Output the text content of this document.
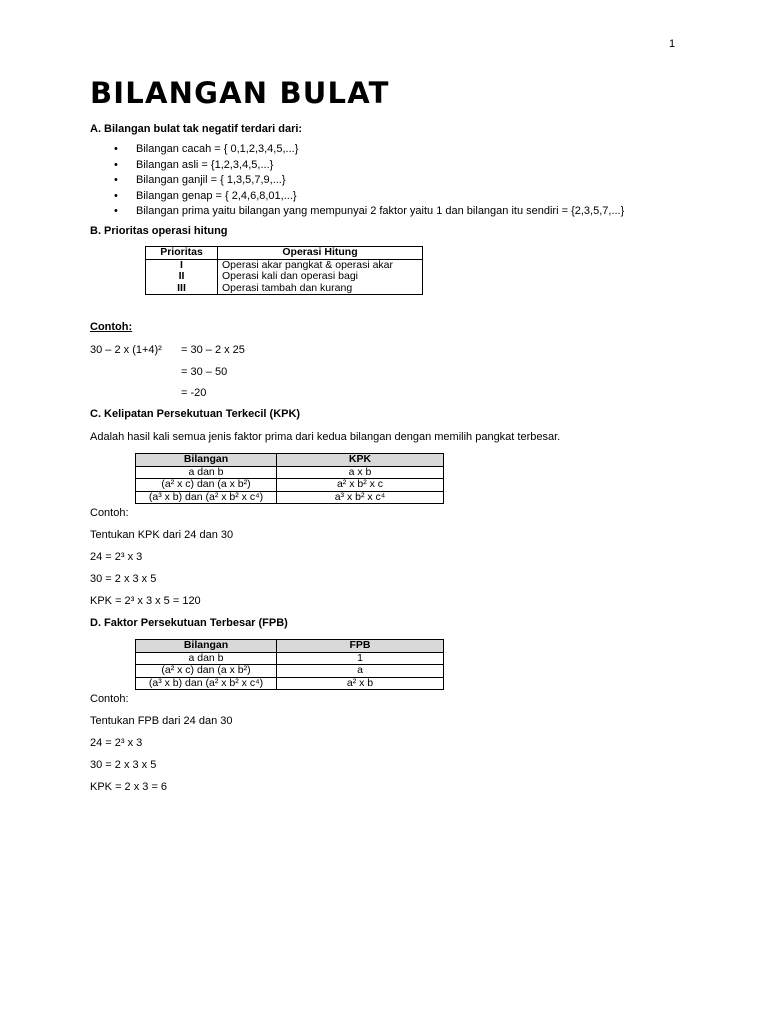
1
BILANGAN BULAT
A. Bilangan bulat tak negatif terdari dari:
• Bilangan cacah = { 0,1,2,3,4,5,...}
• Bilangan asli = {1,2,3,4,5,...}
• Bilangan ganjil = { 1,3,5,7,9,...}
• Bilangan genap = { 2,4,6,8,01,...}
• Bilangan prima yaitu bilangan yang mempunyai 2 faktor yaitu 1 dan bilangan itu sendiri = {2,3,5,7,...}
B. Prioritas operasi hitung
Prioritas	Operasi Hitung
I	Operasi akar pangkat & operasi akar
II	Operasi kali dan operasi bagi
III	Operasi tambah dan kurang
Contoh:
30 – 2 x (1+4)² = 30 – 2 x 25
= 30 – 50
= -20
C. Kelipatan Persekutuan Terkecil (KPK)
Adalah hasil kali semua jenis faktor prima dari kedua bilangan dengan memilih pangkat terbesar.
Bilangan	KPK
a dan b	a x b
(a² x c) dan (a x b²)	a² x b² x c
(a³ x b) dan (a² x b² x c⁴)	a³ x b² x c⁴
Contoh:
Tentukan KPK dari 24 dan 30
24 = 2³ x 3
30 = 2 x 3 x 5
KPK = 2³ x 3 x 5 = 120
D. Faktor Persekutuan Terbesar (FPB)
Bilangan	FPB
a dan b	1
(a² x c) dan (a x b²)	a
(a³ x b) dan (a² x b² x c⁴)	a² x b
Contoh:
Tentukan FPB dari 24 dan 30
24 = 2³ x 3
30 = 2 x 3 x 5
KPK = 2 x 3 = 6
